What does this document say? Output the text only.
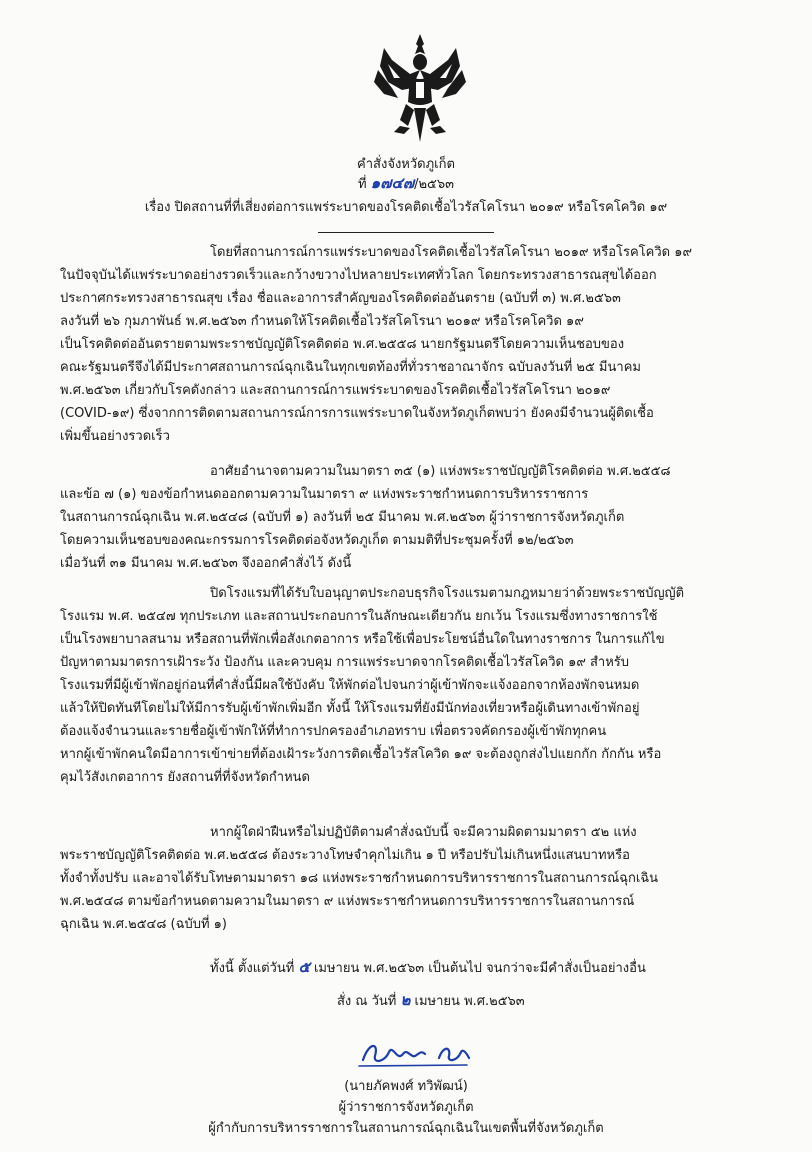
คำสั่งจังหวัดภูเก็ต
ที่ ๑๗๔๗/๒๕๖๓
เรื่อง ปิดสถานที่ที่เสี่ยงต่อการแพร่ระบาดของโรคติดเชื้อไวรัสโคโรนา ๒๐๑๙ หรือโรคโควิด ๑๙
โดยที่สถานการณ์การแพร่ระบาดของโรคติดเชื้อไวรัสโคโรนา ๒๐๑๙ หรือโรคโควิด ๑๙
ในปัจจุบันได้แพร่ระบาดอย่างรวดเร็วและกว้างขวางไปหลายประเทศทั่วโลก โดยกระทรวงสาธารณสุขได้ออก
ประกาศกระทรวงสาธารณสุข เรื่อง ชื่อและอาการสำคัญของโรคติดต่ออันตราย (ฉบับที่ ๓) พ.ศ.๒๕๖๓
ลงวันที่ ๒๖ กุมภาพันธ์ พ.ศ.๒๕๖๓ กำหนดให้โรคติดเชื้อไวรัสโคโรนา ๒๐๑๙ หรือโรคโควิด ๑๙
เป็นโรคติดต่ออันตรายตามพระราชบัญญัติโรคติดต่อ พ.ศ.๒๕๕๘ นายกรัฐมนตรีโดยความเห็นชอบของ
คณะรัฐมนตรีจึงได้มีประกาศสถานการณ์ฉุกเฉินในทุกเขตท้องที่ทั่วราชอาณาจักร ฉบับลงวันที่ ๒๕ มีนาคม
พ.ศ.๒๕๖๓ เกี่ยวกับโรคดังกล่าว และสถานการณ์การแพร่ระบาดของโรคติดเชื้อไวรัสโคโรนา ๒๐๑๙
(COVID-๑๙) ซึ่งจากการติดตามสถานการณ์การการแพร่ระบาดในจังหวัดภูเก็ตพบว่า ยังคงมีจำนวนผู้ติดเชื้อ
เพิ่มขึ้นอย่างรวดเร็ว
อาศัยอำนาจตามความในมาตรา ๓๕ (๑) แห่งพระราชบัญญัติโรคติดต่อ พ.ศ.๒๕๕๘
และข้อ ๗ (๑) ของข้อกำหนดออกตามความในมาตรา ๙ แห่งพระราชกำหนดการบริหารราชการ
ในสถานการณ์ฉุกเฉิน พ.ศ.๒๕๔๘ (ฉบับที่ ๑) ลงวันที่ ๒๕ มีนาคม พ.ศ.๒๕๖๓ ผู้ว่าราชการจังหวัดภูเก็ต
โดยความเห็นชอบของคณะกรรมการโรคติดต่อจังหวัดภูเก็ต ตามมติที่ประชุมครั้งที่ ๑๒/๒๕๖๓
เมื่อวันที่ ๓๑ มีนาคม พ.ศ.๒๕๖๓ จึงออกคำสั่งไว้ ดังนี้
ปิดโรงแรมที่ได้รับใบอนุญาตประกอบธุรกิจโรงแรมตามกฎหมายว่าด้วยพระราชบัญญัติ
โรงแรม พ.ศ. ๒๕๔๗ ทุกประเภท และสถานประกอบการในลักษณะเดียวกัน ยกเว้น โรงแรมซึ่งทางราชการใช้
เป็นโรงพยาบาลสนาม หรือสถานที่พักเพื่อสังเกตอาการ หรือใช้เพื่อประโยชน์อื่นใดในทางราชการ ในการแก้ไข
ปัญหาตามมาตรการเฝ้าระวัง ป้องกัน และควบคุม การแพร่ระบาดจากโรคติดเชื้อไวรัสโควิด ๑๙ สำหรับ
โรงแรมที่มีผู้เข้าพักอยู่ก่อนที่คำสั่งนี้มีผลใช้บังคับ ให้พักต่อไปจนกว่าผู้เข้าพักจะแจ้งออกจากห้องพักจนหมด
แล้วให้ปิดทันทีโดยไม่ให้มีการรับผู้เข้าพักเพิ่มอีก ทั้งนี้ ให้โรงแรมที่ยังมีนักท่องเที่ยวหรือผู้เดินทางเข้าพักอยู่
ต้องแจ้งจำนวนและรายชื่อผู้เข้าพักให้ที่ทำการปกครองอำเภอทราบ เพื่อตรวจคัดกรองผู้เข้าพักทุกคน
หากผู้เข้าพักคนใดมีอาการเข้าข่ายที่ต้องเฝ้าระวังการติดเชื้อไวรัสโควิด ๑๙ จะต้องถูกส่งไปแยกกัก กักกัน หรือ
คุมไว้สังเกตอาการ ยังสถานที่ที่จังหวัดกำหนด
หากผู้ใดฝ่าฝืนหรือไม่ปฏิบัติตามคำสั่งฉบับนี้ จะมีความผิดตามมาตรา ๕๒ แห่ง
พระราชบัญญัติโรคติดต่อ พ.ศ.๒๕๕๘ ต้องระวางโทษจำคุกไม่เกิน ๑ ปี หรือปรับไม่เกินหนึ่งแสนบาทหรือ
ทั้งจำทั้งปรับ และอาจได้รับโทษตามมาตรา ๑๘ แห่งพระราชกำหนดการบริหารราชการในสถานการณ์ฉุกเฉิน
พ.ศ.๒๕๔๘ ตามข้อกำหนดตามความในมาตรา ๙ แห่งพระราชกำหนดการบริหารราชการในสถานการณ์
ฉุกเฉิน พ.ศ.๒๕๔๘ (ฉบับที่ ๑)
ทั้งนี้ ตั้งแต่วันที่ ๕ เมษายน พ.ศ.๒๕๖๓ เป็นต้นไป จนกว่าจะมีคำสั่งเป็นอย่างอื่น
สั่ง ณ วันที่ ๒ เมษายน พ.ศ.๒๕๖๓
(นายภัคพงศ์ ทวิพัฒน์)
ผู้ว่าราชการจังหวัดภูเก็ต
ผู้กำกับการบริหารราชการในสถานการณ์ฉุกเฉินในเขตพื้นที่จังหวัดภูเก็ต
